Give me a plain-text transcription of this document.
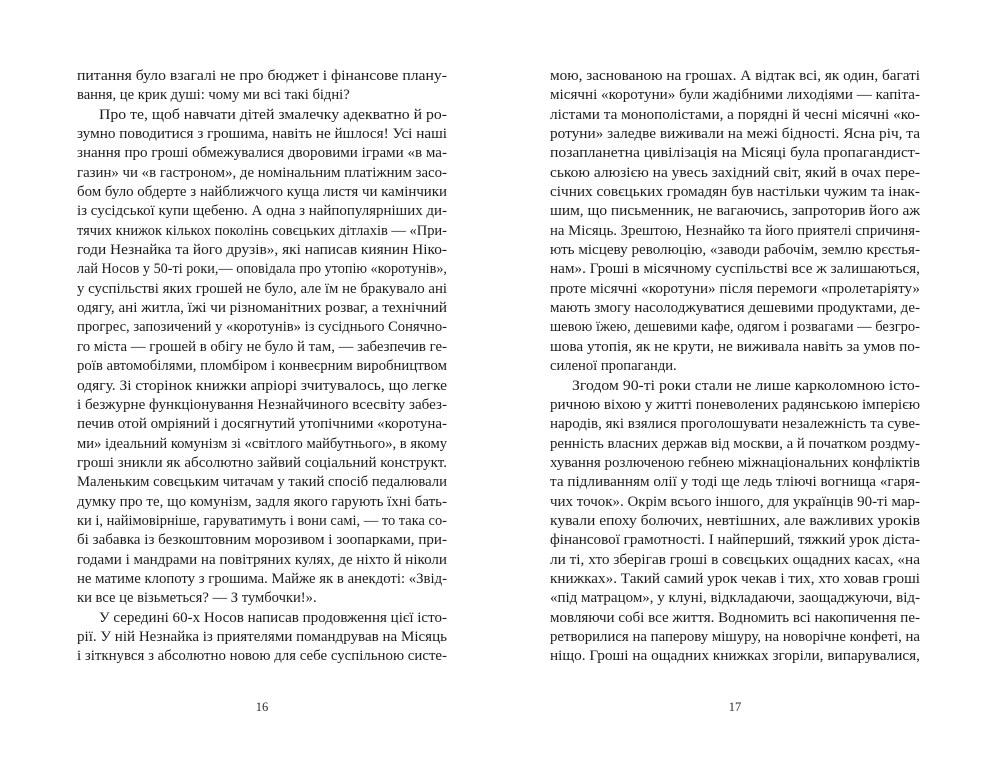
питання було взагалі не про бюджет і фінансове плану-
вання, це крик душі: чому ми всі такі бідні?
Про те, щоб навчати дітей змалечку адекватно й ро-
зумно поводитися з грошима, навіть не йшлося! Усі наші
знання про гроші обмежувалися дворовими іграми «в ма-
газин» чи «в гастроном», де номінальним платіжним засо-
бом було обдерте з найближчого куща листя чи камінчики
із сусідської купи щебеню. А одна з найпопулярніших ди-
тячих книжок кількох поколінь совєцьких дітлахів — «При-
годи Незнайка та його друзів», які написав киянин Ніко-
лай Носов у 50-ті роки,— оповідала про утопію «коротунів»,
у суспільстві яких грошей не було, але їм не бракувало ані
одягу, ані житла, їжі чи різноманітних розваг, а технічний
прогрес, запозичений у «коротунів» із сусіднього Сонячно-
го міста — грошей в обігу не було й там, — забезпечив ге-
роїв автомобілями, пломбіром і конвеєрним виробництвом
одягу. Зі сторінок книжки апріорі зчитувалось, що легке
і безжурне функціонування Незнайчиного всесвіту забез-
печив отой омріяний і досягнутий утопічними «коротуна-
ми» ідеальний комунізм зі «світлого майбутнього», в якому
гроші зникли як абсолютно зайвий соціальний конструкт.
Маленьким совєцьким читачам у такий спосіб педалювали
думку про те, що комунізм, задля якого гарують їхні бать-
ки і, найімовірніше, гаруватимуть і вони самі, — то така со-
бі забавка із безкоштовним морозивом і зоопарками, при-
годами і мандрами на повітряних кулях, де ніхто й ніколи
не матиме клопоту з грошима. Майже як в анекдоті: «Звід-
ки все це візьметься? — З тумбочки!».
У середині 60-х Носов написав продовження цієї істо-
рії. У ній Незнайка із приятелями помандрував на Місяць
і зіткнувся з абсолютно новою для себе суспільною систе-
мою, заснованою на грошах. А відтак всі, як один, багаті
місячні «коротуни» були жадібними лиходіями — капіта-
лістами та монополістами, а порядні й чесні місячні «ко-
ротуни» заледве виживали на межі бідності. Ясна річ, та
позапланетна цивілізація на Місяці була пропагандист-
ською алюзією на увесь західний світ, який в очах пере-
січних совєцьких громадян був настільки чужим та інак-
шим, що письменник, не вагаючись, запроторив його аж
на Місяць. Зрештою, Незнайко та його приятелі спричиня-
ють місцеву революцію, «заводи рабочім, землю крєстья-
нам». Гроші в місячному суспільстві все ж залишаються,
проте місячні «коротуни» після перемоги «пролетаріяту»
мають змогу насолоджуватися дешевими продуктами, де-
шевою їжею, дешевими кафе, одягом і розвагами — безгро-
шова утопія, як не крути, не виживала навіть за умов по-
силеної пропаганди.
Згодом 90-ті роки стали не лише карколомною істо-
ричною віхою у житті поневолених радянською імперією
народів, які взялися проголошувати незалежність та суве-
ренність власних держав від москви, а й початком роздму-
хування розлюченою гебнею міжнаціональних конфліктів
та підливанням олії у тоді ще ледь тліючі вогнища «гаря-
чих точок». Окрім всього іншого, для українців 90-ті мар-
кували епоху болючих, невтішних, але важливих уроків
фінансової грамотності. І найперший, тяжкий урок діста-
ли ті, хто зберігав гроші в совєцьких ощадних касах, «на
книжках». Такий самий урок чекав і тих, хто ховав гроші
«під матрацом», у клуні, відкладаючи, заощаджуючи, від-
мовляючи собі все життя. Водномить всі накопичення пе-
ретворилися на паперову мішуру, на новорічне конфеті, на
ніщо. Гроші на ощадних книжках згоріли, випарувалися,
16	17
